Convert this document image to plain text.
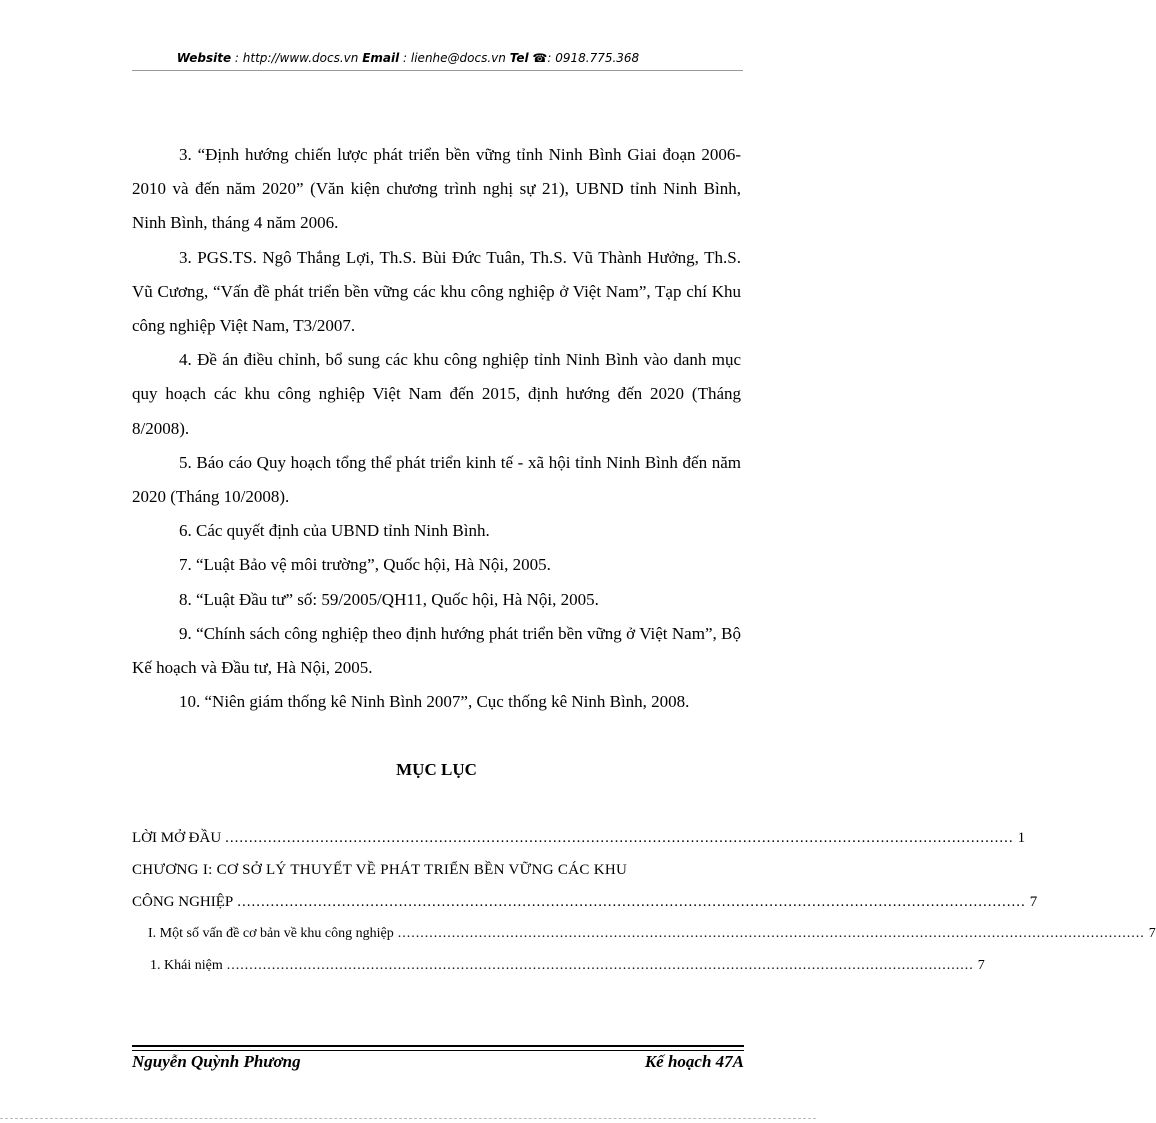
Website : http://www.docs.vn Email : lienhe@docs.vn Tel ☎: 0918.775.368

3. “Định hướng chiến lược phát triển bền vững tỉnh Ninh Bình Giai đoạn 2006-2010 và đến năm 2020” (Văn kiện chương trình nghị sự 21), UBND tỉnh Ninh Bình, Ninh Bình, tháng 4 năm 2006.

3. PGS.TS. Ngô Thắng Lợi, Th.S. Bùi Đức Tuân, Th.S. Vũ Thành Hưởng, Th.S. Vũ Cương, “Vấn đề phát triển bền vững các khu công nghiệp ở Việt Nam”, Tạp chí Khu công nghiệp Việt Nam, T3/2007.

4. Đề án điều chỉnh, bổ sung các khu công nghiệp tỉnh Ninh Bình vào danh mục quy hoạch các khu công nghiệp Việt Nam đến 2015, định hướng đến 2020 (Tháng 8/2008).

5. Báo cáo Quy hoạch tổng thể phát triển kinh tế - xã hội tỉnh Ninh Bình đến năm 2020 (Tháng 10/2008).

6. Các quyết định của UBND tỉnh Ninh Bình.

7. “Luật Bảo vệ môi trường”, Quốc hội, Hà Nội, 2005.

8. “Luật Đầu tư” số: 59/2005/QH11, Quốc hội, Hà Nội, 2005.

9. “Chính sách công nghiệp theo định hướng phát triển bền vững ở Việt Nam”, Bộ Kế hoạch và Đầu tư, Hà Nội, 2005.

10. “Niên giám thống kê Ninh Bình 2007”, Cục thống kê Ninh Bình, 2008.

MỤC LỤC
LỜI MỞ ĐẦU ...................................................................................................................................................................... 1
CHƯƠNG I: CƠ SỞ LÝ THUYẾT VỀ PHÁT TRIỂN BỀN VỮNG CÁC KHU
CÔNG NGHIỆP ...................................................................................................................................................................... 7
I. Một số vấn đề cơ bản về khu công nghiệp ...................................................................................................................................................................... 7
1. Khái niệm ...................................................................................................................................................................... 7
Nguyễn Quỳnh Phương	Kế hoạch 47A
